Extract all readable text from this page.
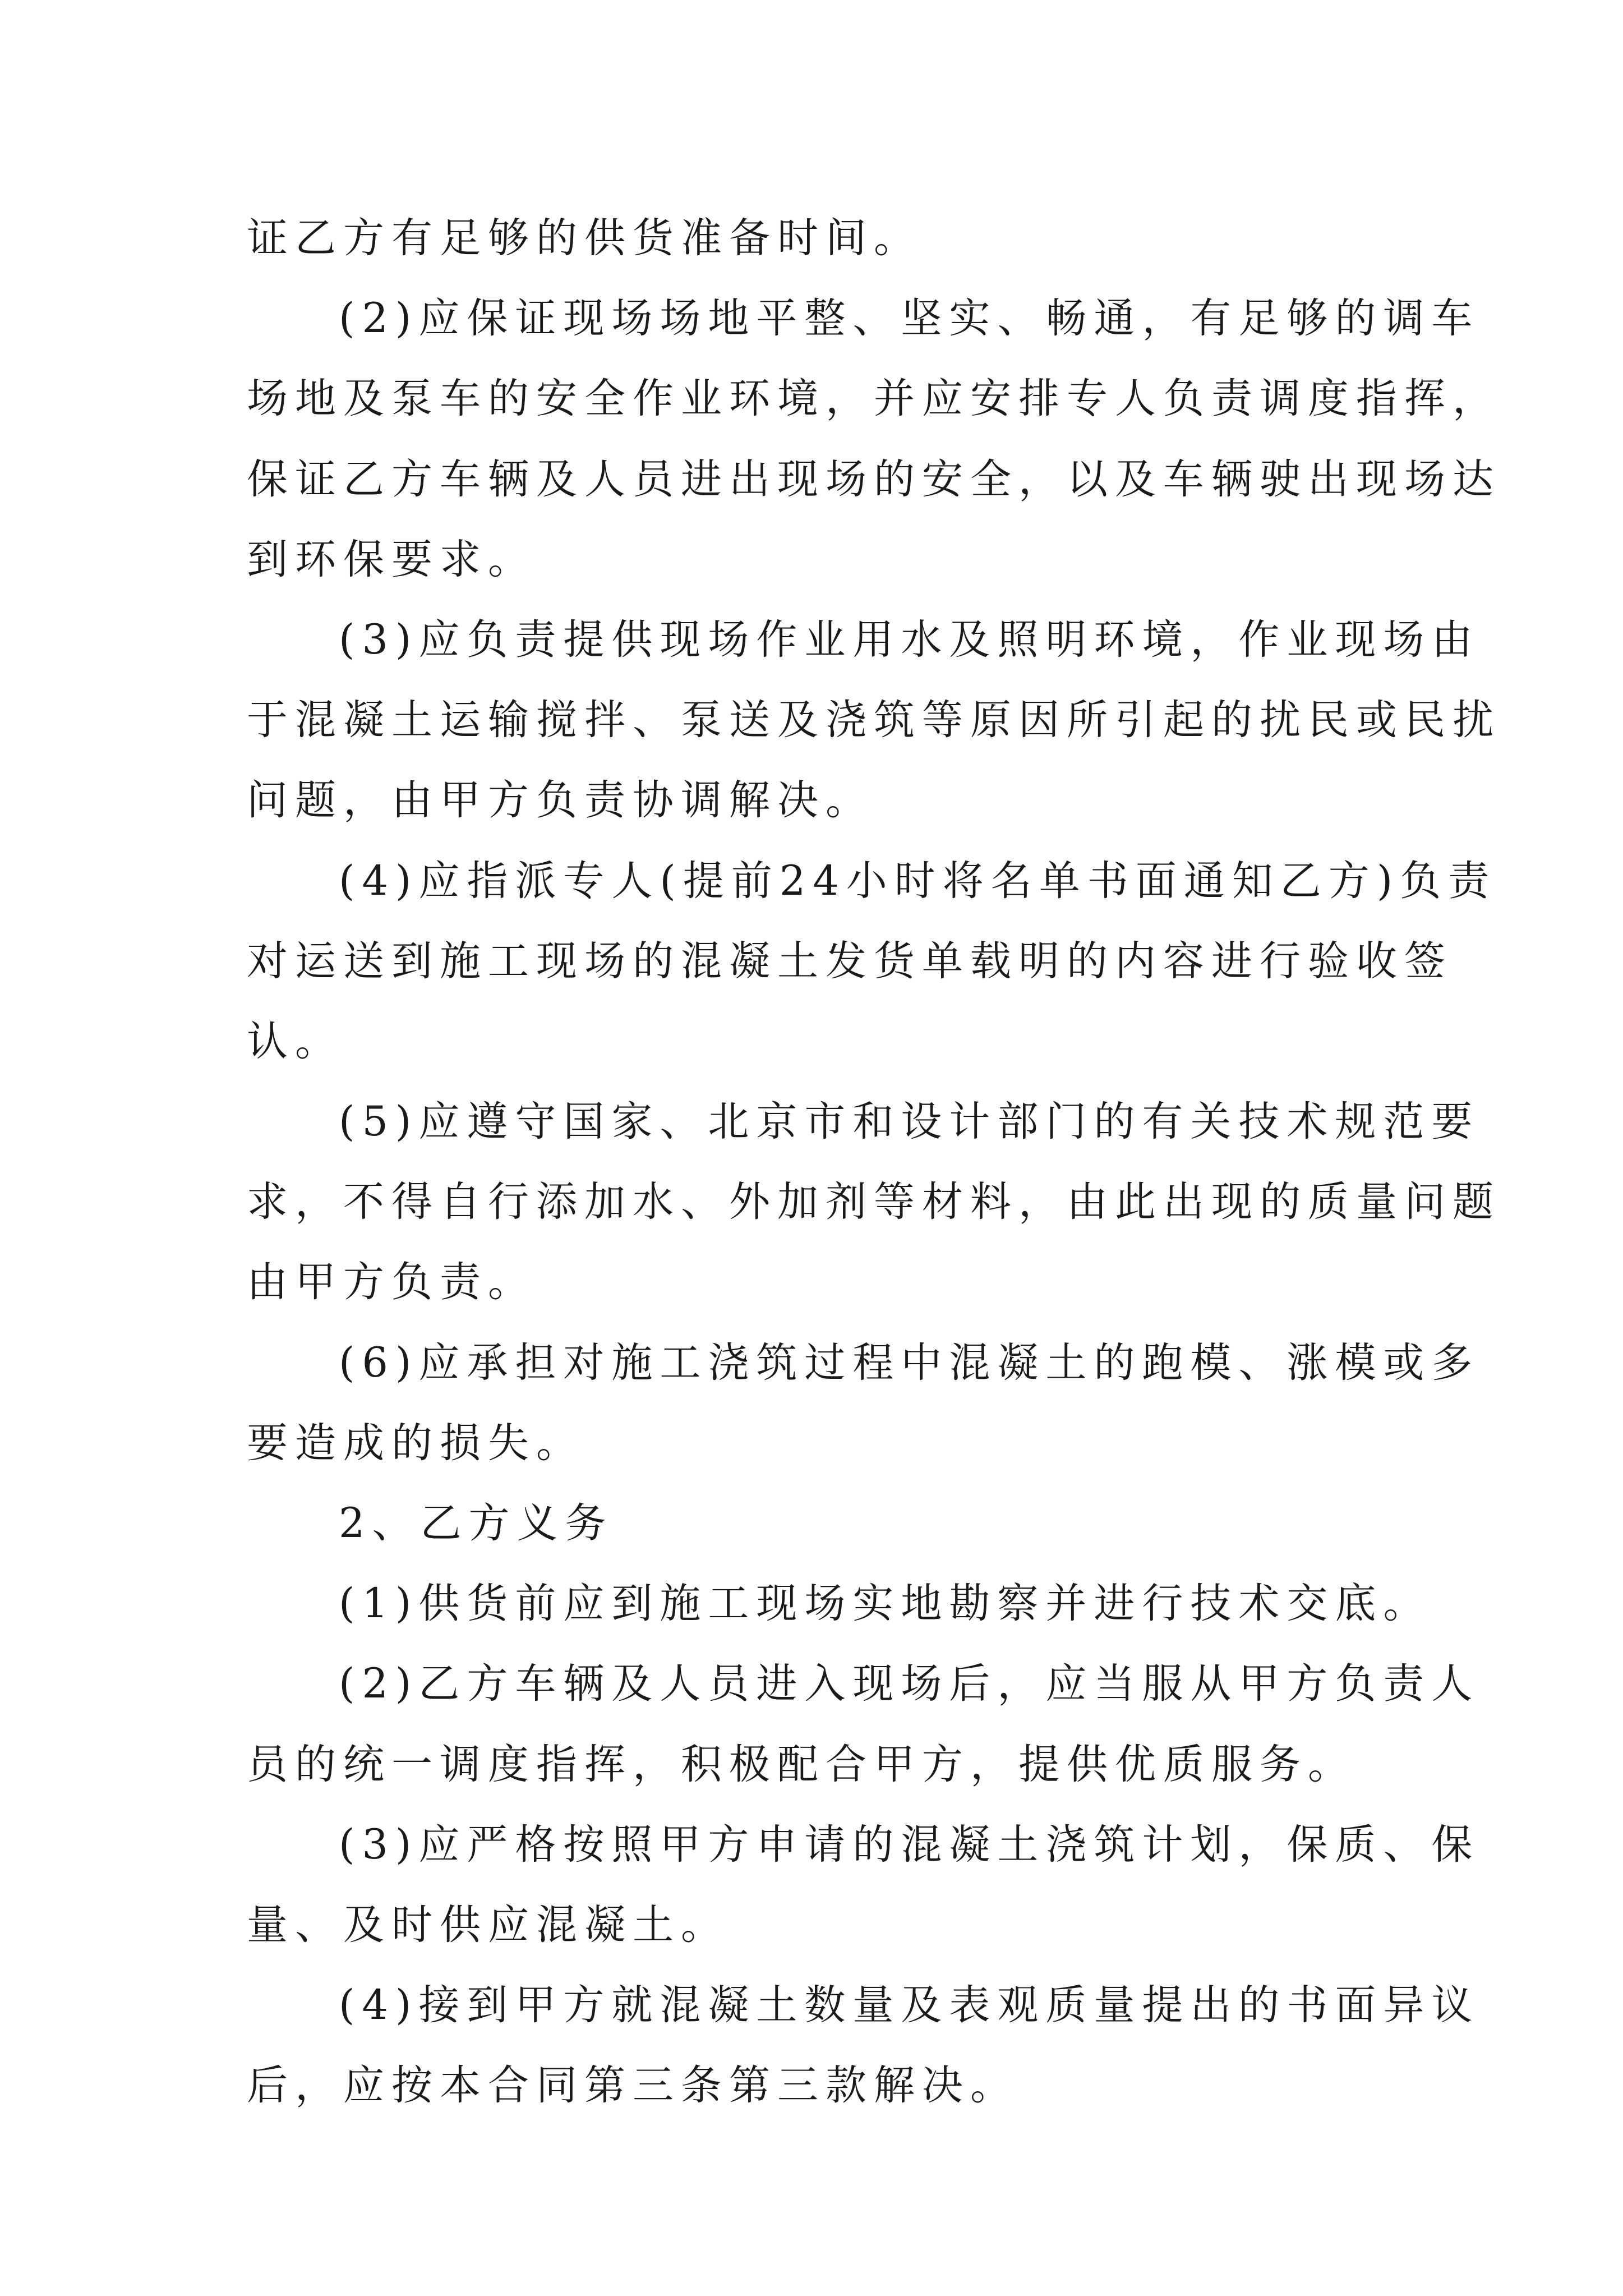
证乙方有足够的供货准备时间。
(2)应保证现场场地平整、坚实、畅通，有足够的调车
场地及泵车的安全作业环境，并应安排专人负责调度指挥，
保证乙方车辆及人员进出现场的安全，以及车辆驶出现场达
到环保要求。
(3)应负责提供现场作业用水及照明环境，作业现场由
于混凝土运输搅拌、泵送及浇筑等原因所引起的扰民或民扰
问题，由甲方负责协调解决。
(4)应指派专人(提前24小时将名单书面通知乙方)负责
对运送到施工现场的混凝土发货单载明的内容进行验收签
认。
(5)应遵守国家、北京市和设计部门的有关技术规范要
求，不得自行添加水、外加剂等材料，由此出现的质量问题
由甲方负责。
(6)应承担对施工浇筑过程中混凝土的跑模、涨模或多
要造成的损失。
2、乙方义务
(1)供货前应到施工现场实地勘察并进行技术交底。
(2)乙方车辆及人员进入现场后，应当服从甲方负责人
员的统一调度指挥，积极配合甲方，提供优质服务。
(3)应严格按照甲方申请的混凝土浇筑计划，保质、保
量、及时供应混凝土。
(4)接到甲方就混凝土数量及表观质量提出的书面异议
后，应按本合同第三条第三款解决。
